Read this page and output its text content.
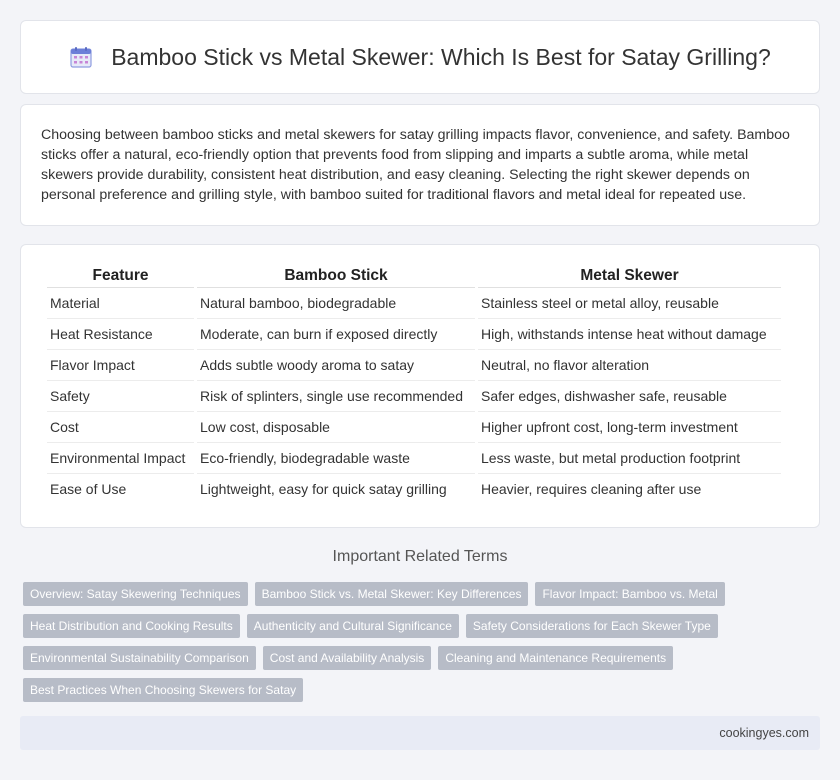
Bamboo Stick vs Metal Skewer: Which Is Best for Satay Grilling?

Choosing between bamboo sticks and metal skewers for satay grilling impacts flavor, convenience, and safety. Bamboo sticks offer a natural, eco-friendly option that prevents food from slipping and imparts a subtle aroma, while metal skewers provide durability, consistent heat distribution, and easy cleaning. Selecting the right skewer depends on personal preference and grilling style, with bamboo suited for traditional flavors and metal ideal for repeated use.

Feature	Bamboo Stick	Metal Skewer
Material	Natural bamboo, biodegradable	Stainless steel or metal alloy, reusable
Heat Resistance	Moderate, can burn if exposed directly	High, withstands intense heat without damage
Flavor Impact	Adds subtle woody aroma to satay	Neutral, no flavor alteration
Safety	Risk of splinters, single use recommended	Safer edges, dishwasher safe, reusable
Cost	Low cost, disposable	Higher upfront cost, long-term investment
Environmental Impact	Eco-friendly, biodegradable waste	Less waste, but metal production footprint
Ease of Use	Lightweight, easy for quick satay grilling	Heavier, requires cleaning after use
Important Related Terms
Overview: Satay Skewering Techniques	Bamboo Stick vs. Metal Skewer: Key Differences	Flavor Impact: Bamboo vs. Metal
Heat Distribution and Cooking Results	Authenticity and Cultural Significance	Safety Considerations for Each Skewer Type
Environmental Sustainability Comparison	Cost and Availability Analysis	Cleaning and Maintenance Requirements
Best Practices When Choosing Skewers for Satay
cookingyes.com
